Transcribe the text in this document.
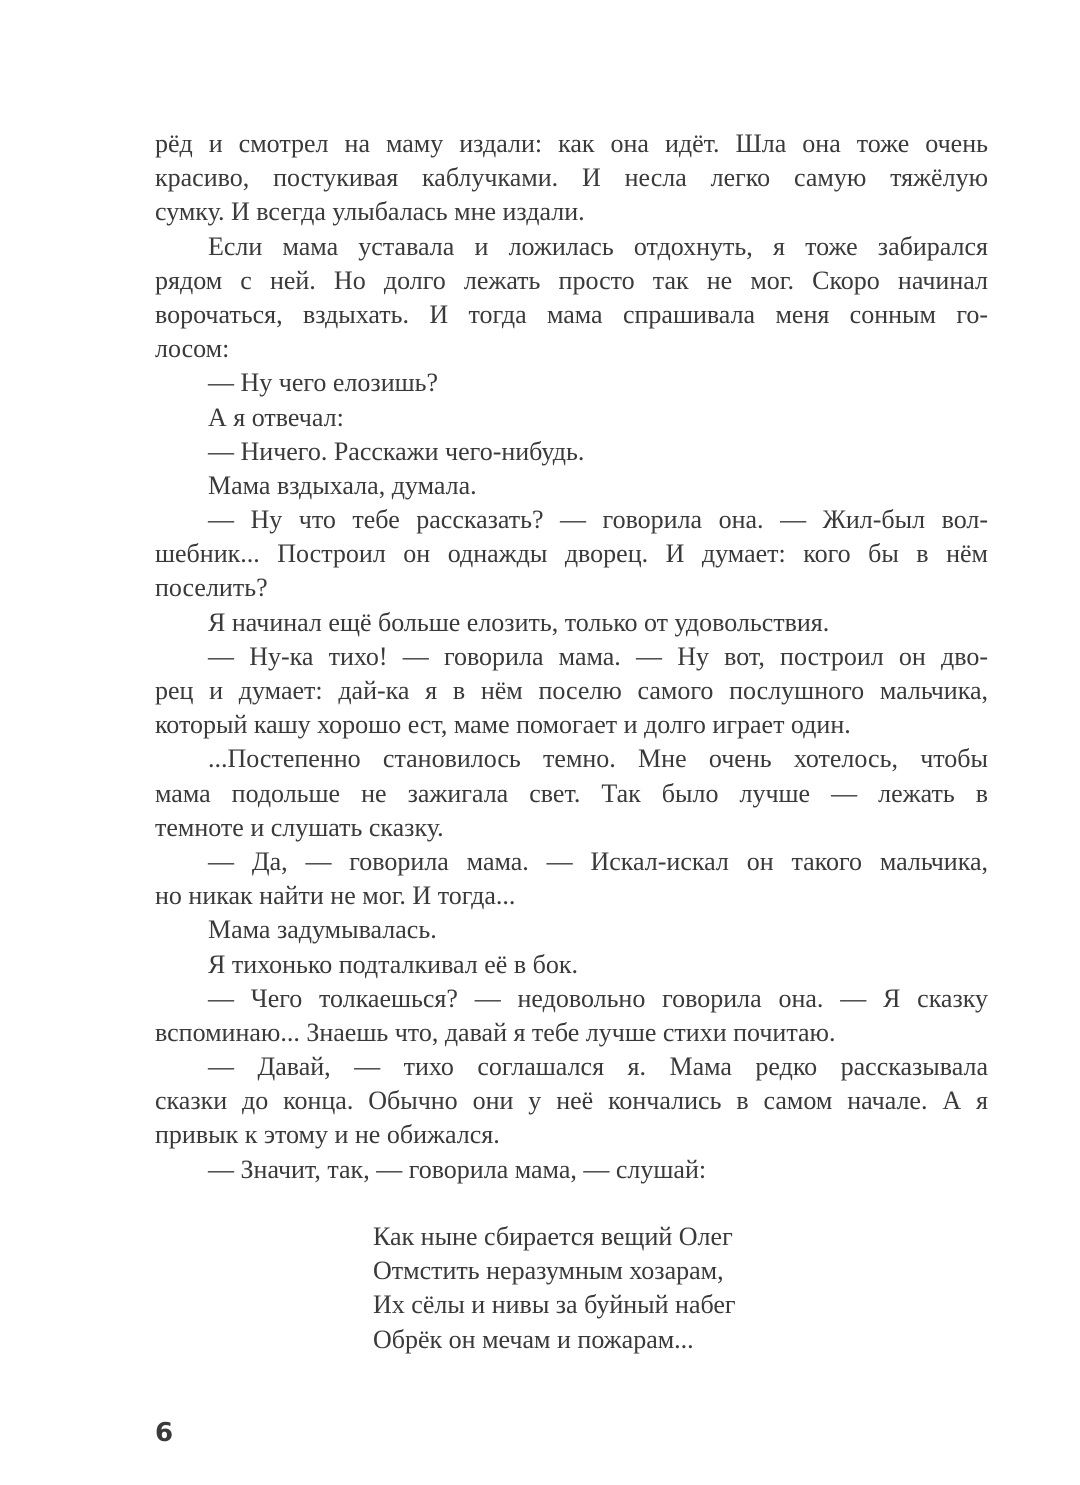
рёд и смотрел на маму издали: как она идёт. Шла она тоже очень
красиво, постукивая каблучками. И несла легко самую тяжёлую
сумку. И всегда улыбалась мне издали.
Если мама уставала и ложилась отдохнуть, я тоже забирался
рядом с ней. Но долго лежать просто так не мог. Скоро начинал
ворочаться, вздыхать. И тогда мама спрашивала меня сонным го-
лосом:
— Ну чего елозишь?
А я отвечал:
— Ничего. Расскажи чего-нибудь.
Мама вздыхала, думала.
— Ну что тебе рассказать? — говорила она. — Жил-был вол-
шебник... Построил он однажды дворец. И думает: кого бы в нём
поселить?
Я начинал ещё больше елозить, только от удовольствия.
— Ну-ка тихо! — говорила мама. — Ну вот, построил он дво-
рец и думает: дай-ка я в нём поселю самого послушного мальчика,
который кашу хорошо ест, маме помогает и долго играет один.
...Постепенно становилось темно. Мне очень хотелось, чтобы
мама подольше не зажигала свет. Так было лучше — лежать в
темноте и слушать сказку.
— Да, — говорила мама. — Искал-искал он такого мальчика,
но никак найти не мог. И тогда...
Мама задумывалась.
Я тихонько подталкивал её в бок.
— Чего толкаешься? — недовольно говорила она. — Я сказку
вспоминаю... Знаешь что, давай я тебе лучше стихи почитаю.
— Давай, — тихо соглашался я. Мама редко рассказывала
сказки до конца. Обычно они у неё кончались в самом начале. А я
привык к этому и не обижался.
— Значит, так, — говорила мама, — слушай:
Как ныне сбирается вещий Олег
Отмстить неразумным хозарам,
Их сёлы и нивы за буйный набег
Обрёк он мечам и пожарам...
6
